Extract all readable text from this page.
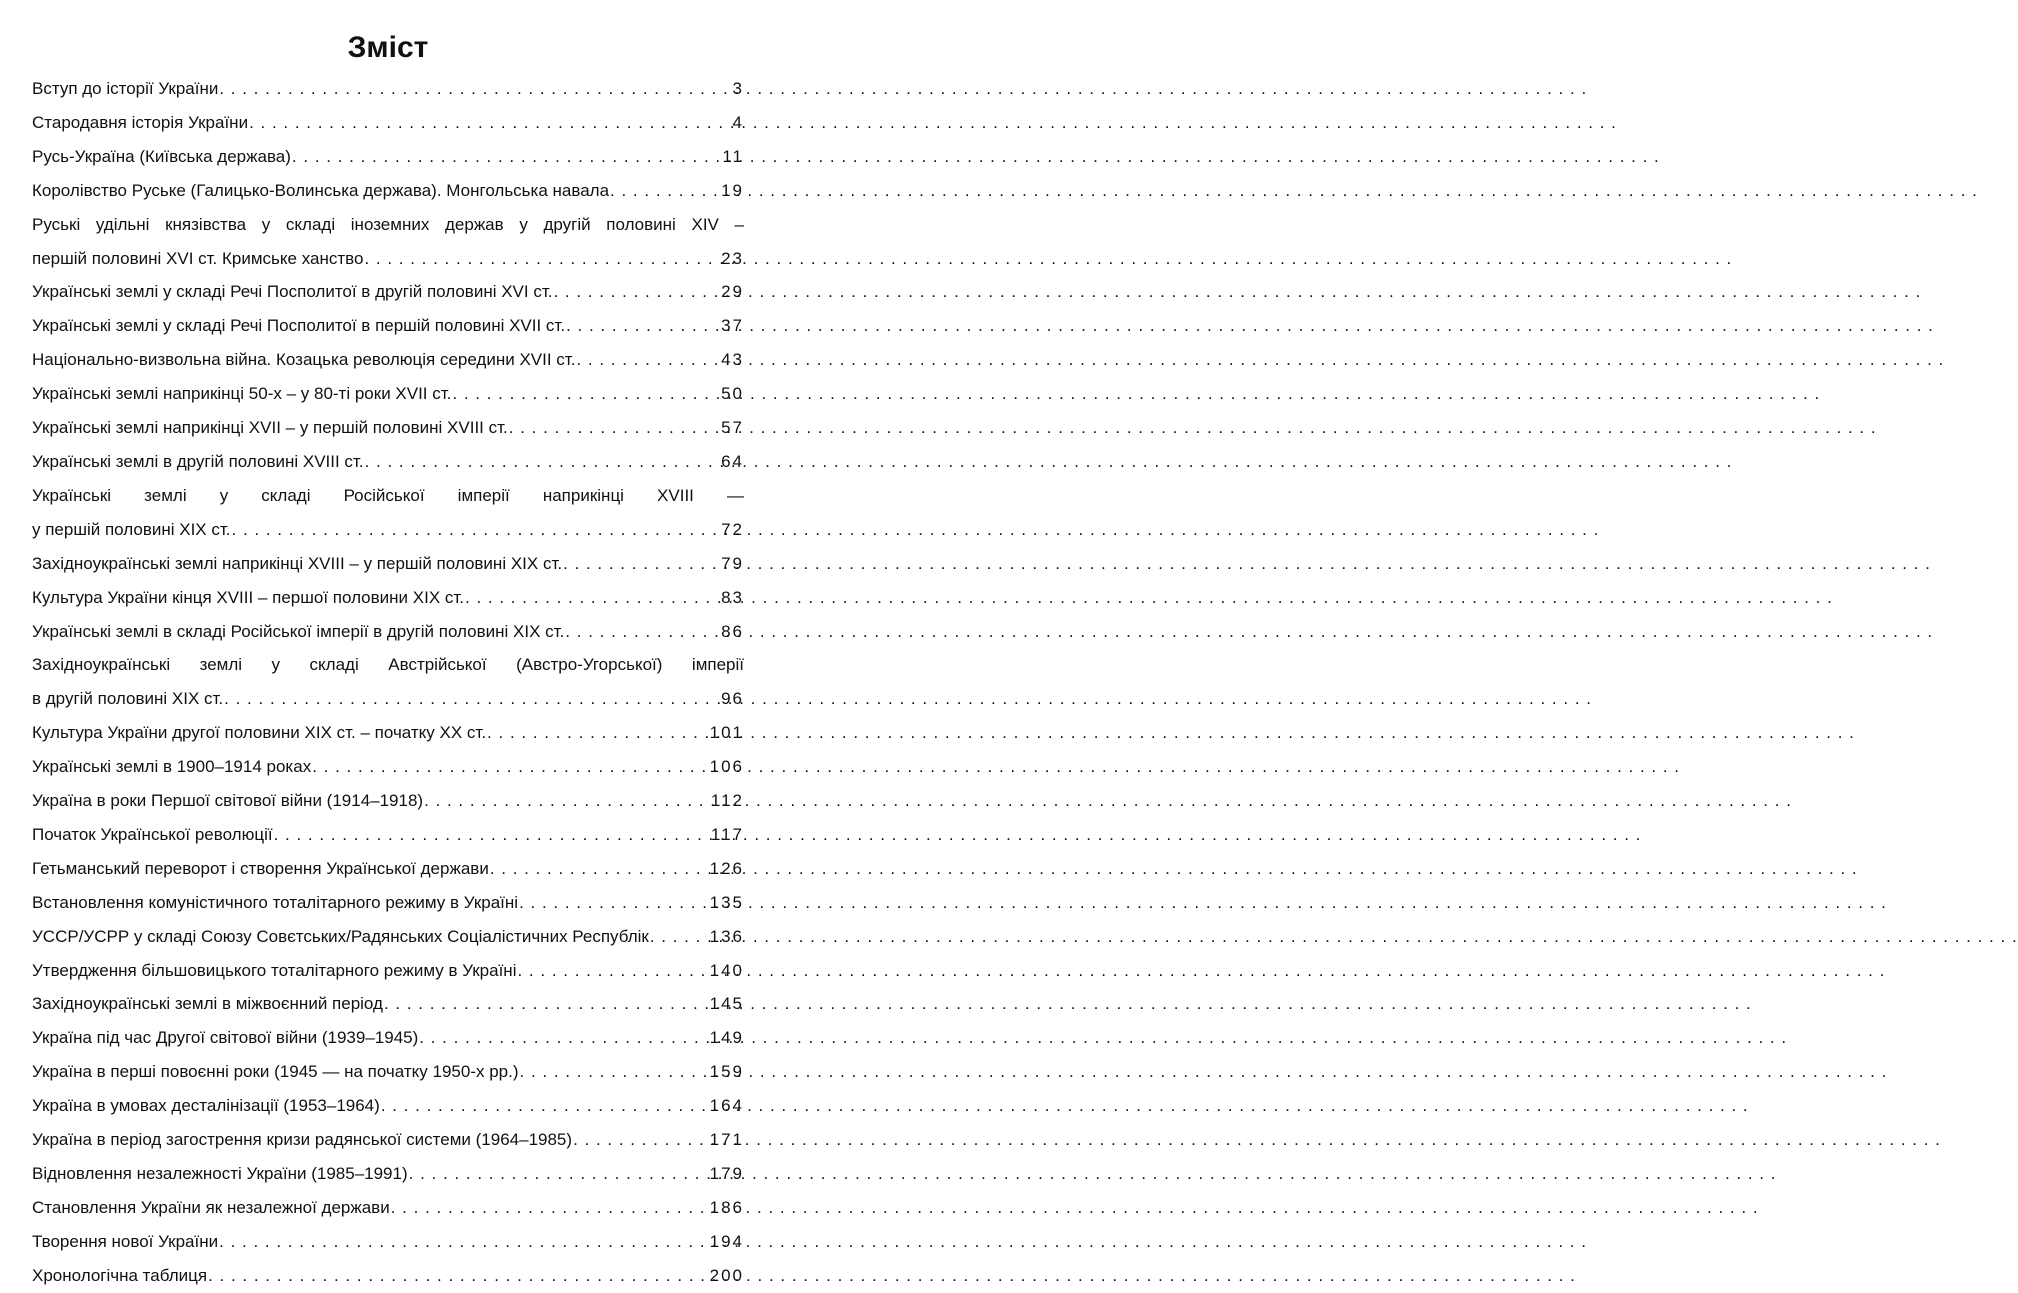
Зміст
Вступ до історії України . . .	3
Стародавня історія України . . .	4
Русь-Україна (Київська держава) . . .	11
Королівство Руське (Галицько-Волинська держава). Монгольська навала . . .	19
Руські удільні князівства у складі іноземних держав у другій половині XIV –
першій половині XVI ст. Кримське ханство . . .	23
Українські землі у складі Речі Посполитої в другій половині XVI ст. . . .	29
Українські землі у складі Речі Посполитої в першій половині XVII ст. . . .	37
Національно-визвольна війна. Козацька революція середини XVII ст. . . .	43
Українські землі наприкінці 50-х – у 80-ті роки XVII ст. . . .	50
Українські землі наприкінці XVII – у першій половині XVIII ст. . . .	57
Українські землі в другій половині XVIII ст. . . .	64
Українські землі у складі Російської імперії наприкінці XVIII —
у першій половині XIX ст. . . .	72
Західноукраїнські землі наприкінці XVIII – у першій половині XIX ст. . . .	79
Культура України кінця XVIII – першої половини XIX ст. . . .	83
Українські землі в складі Російської імперії в другій половині XIX ст. . . .	86
Західноукраїнські землі у складі Австрійської (Австро-Угорської) імперії
в другій половині XIX ст. . . .	96
Культура України другої половини XIX ст. – початку XX ст. . . .	101
Українські землі в 1900–1914 роках . . .	106
Україна в роки Першої світової війни (1914–1918) . . .	112
Початок Української революції . . .	117
Гетьманський переворот і створення Української держави . . .	126
Встановлення комуністичного тоталітарного режиму в Україні . . .	135
УССР/УСРР у складі Союзу Совєтських/Радянських Соціалістичних Республік . . .	136
Утвердження більшовицького тоталітарного режиму в Україні . . .	140
Західноукраїнські землі в міжвоєнний період . . .	145
Україна під час Другої світової війни (1939–1945) . . .	149
Україна в перші повоєнні роки (1945 — на початку 1950-х рр.) . . .	159
Україна в умовах десталінізації (1953–1964) . . .	164
Україна в період загострення кризи радянської системи (1964–1985) . . .	171
Відновлення незалежності України (1985–1991) . . .	179
Становлення України як незалежної держави . . .	186
Творення нової України . . .	194
Хронологічна таблиця . . .	200
